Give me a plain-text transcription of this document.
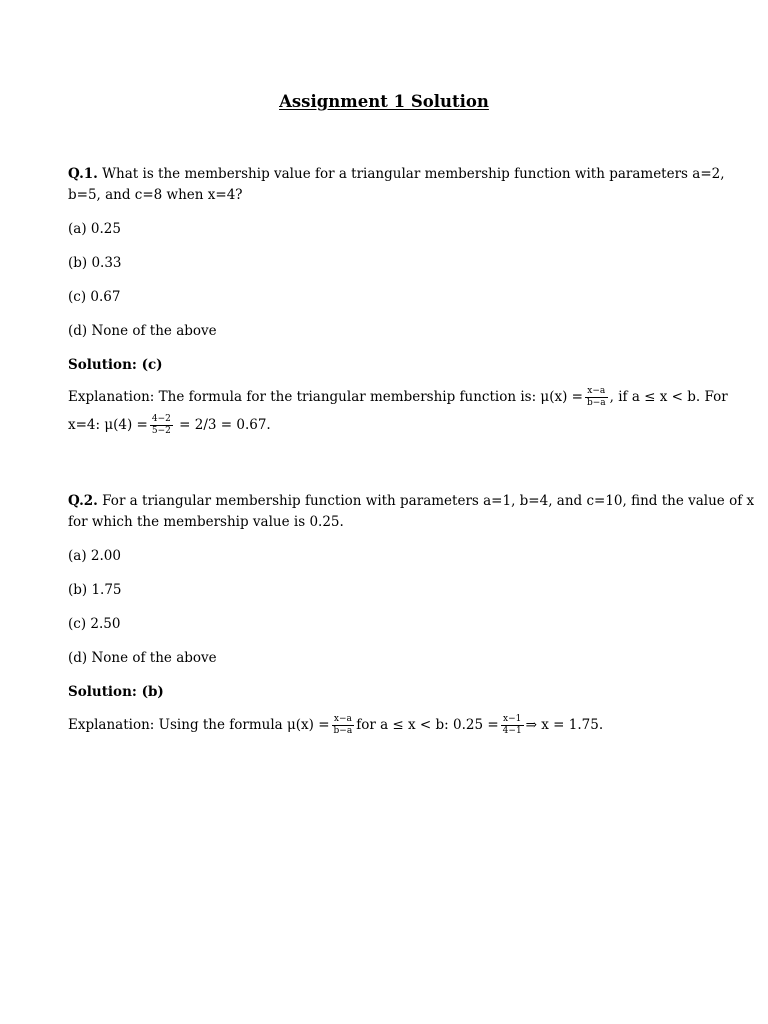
Assignment 1 Solution
Q.1. What is the membership value for a triangular membership function with parameters a=2,
b=5, and c=8 when x=4?
(a) 0.25
(b) 0.33
(c) 0.67
(d) None of the above
Solution: (c)
Explanation: The formula for the triangular membership function is: $\mu(x) = \frac{x-a}{b-a}$ , if a ≤ x < b. For
x=4: $\mu(4) = \frac{4-2}{5-2} = 2/3 = 0.67$.
Q.2. For a triangular membership function with parameters a=1, b=4, and c=10, find the value of x
for which the membership value is 0.25.
(a) 2.00
(b) 1.75
(c) 2.50
(d) None of the above
Solution: (b)
Explanation: Using the formula $\mu(x) = \frac{x-a}{b-a}$ for a ≤ x < b: $0.25 = \frac{x-1}{4-1}$ ⇒ x = 1.75.
